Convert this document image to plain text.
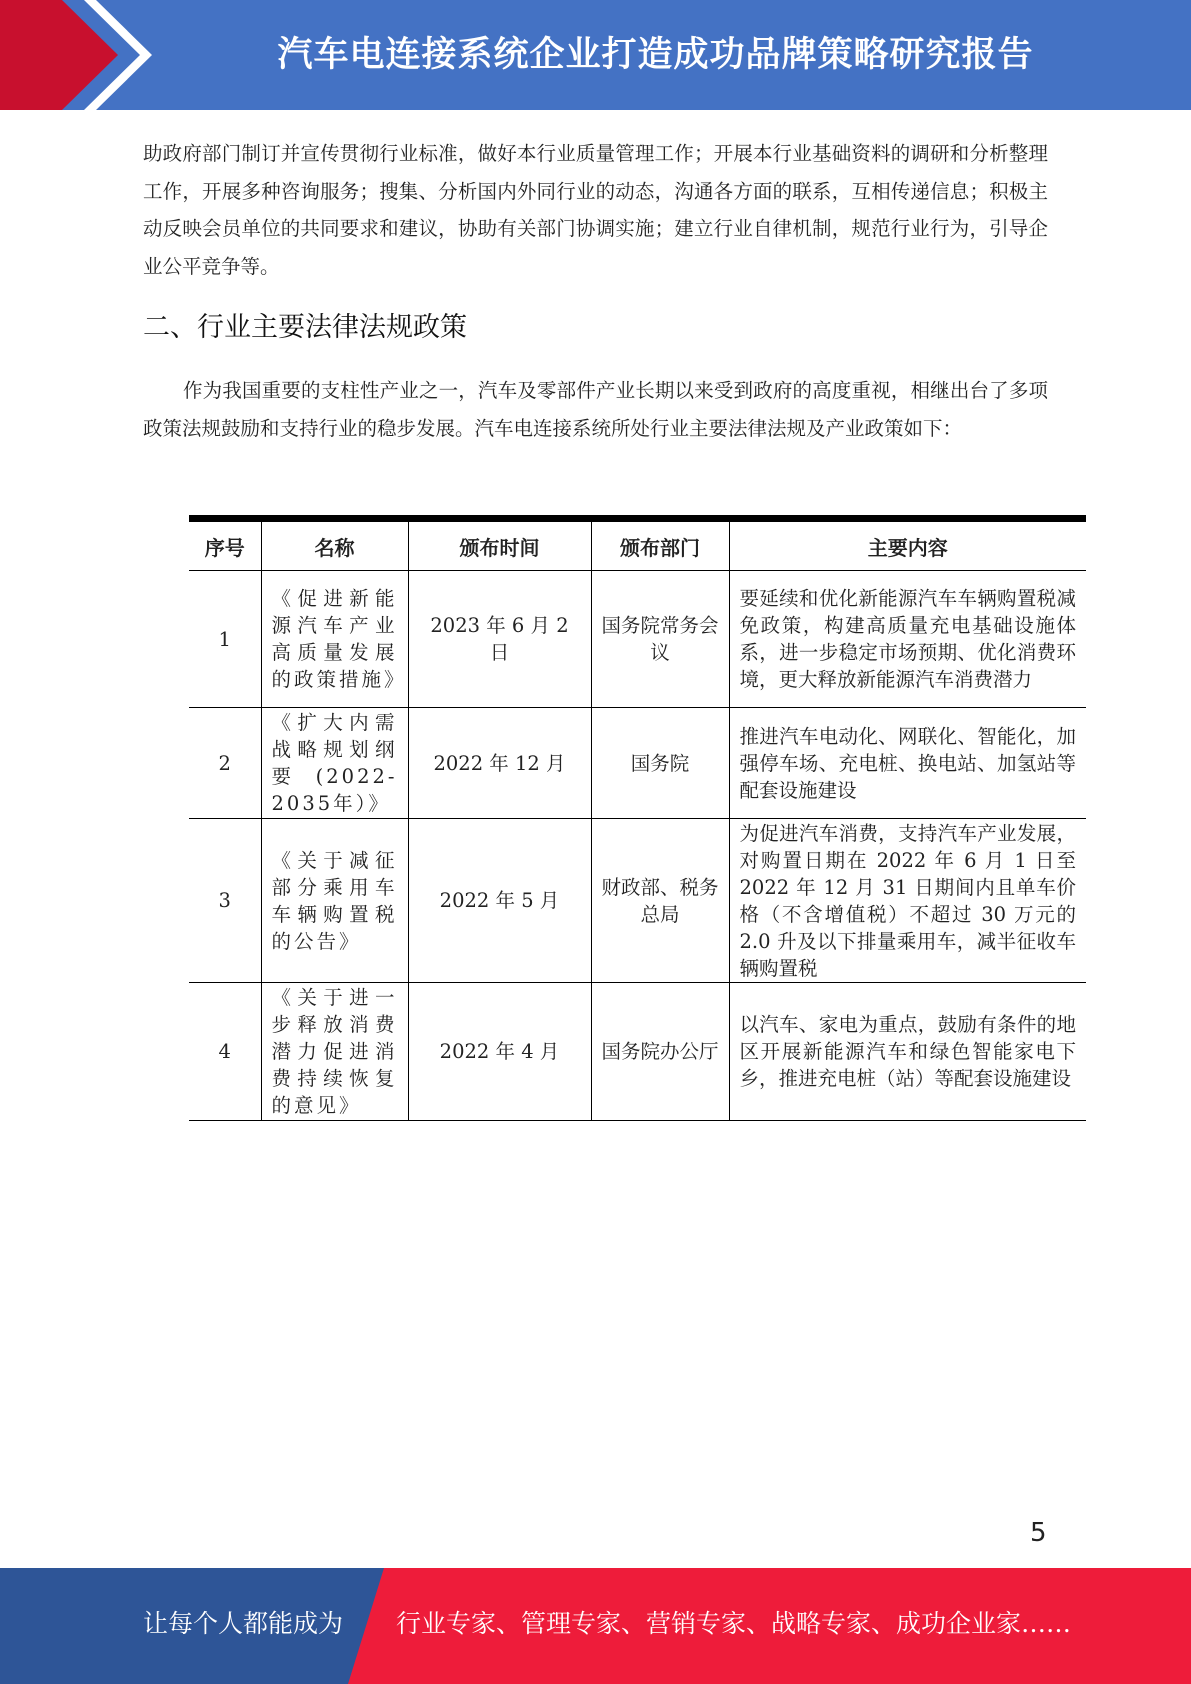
汽车电连接系统企业打造成功品牌策略研究报告
助政府部门制订并宣传贯彻行业标准，做好本行业质量管理工作；开展本行业基础资料的调研和分析整理工作，开展多种咨询服务；搜集、分析国内外同行业的动态，沟通各方面的联系，互相传递信息；积极主动反映会员单位的共同要求和建议，协助有关部门协调实施；建立行业自律机制，规范行业行为，引导企业公平竞争等。
二、行业主要法律法规政策
作为我国重要的支柱性产业之一，汽车及零部件产业长期以来受到政府的高度重视，相继出台了多项政策法规鼓励和支持行业的稳步发展。汽车电连接系统所处行业主要法律法规及产业政策如下：
序号	名称	颁布时间	颁布部门	主要内容
1	《促进新能源汽车产业高质量发展的政策措施》	2023 年 6 月 2 日	国务院常务会议	要延续和优化新能源汽车车辆购置税减免政策，构建高质量充电基础设施体系，进一步稳定市场预期、优化消费环境，更大释放新能源汽车消费潜力
2	《扩大内需战略规划纲要(2022-2035年）》	2022 年 12 月	国务院	推进汽车电动化、网联化、智能化，加强停车场、充电桩、换电站、加氢站等配套设施建设
3	《关于减征部分乘用车车辆购置税的公告》	2022 年 5 月	财政部、税务总局	为促进汽车消费，支持汽车产业发展，对购置日期在 2022 年 6 月 1 日至 2022 年 12 月 31 日期间内且单车价格（不含增值税）不超过 30 万元的 2.0 升及以下排量乘用车，减半征收车辆购置税
4	《关于进一步释放消费潜力促进消费持续恢复的意见》	2022 年 4 月	国务院办公厅	以汽车、家电为重点，鼓励有条件的地区开展新能源汽车和绿色智能家电下乡，推进充电桩（站）等配套设施建设
5
让每个人都能成为 行业专家、管理专家、营销专家、战略专家、成功企业家……
